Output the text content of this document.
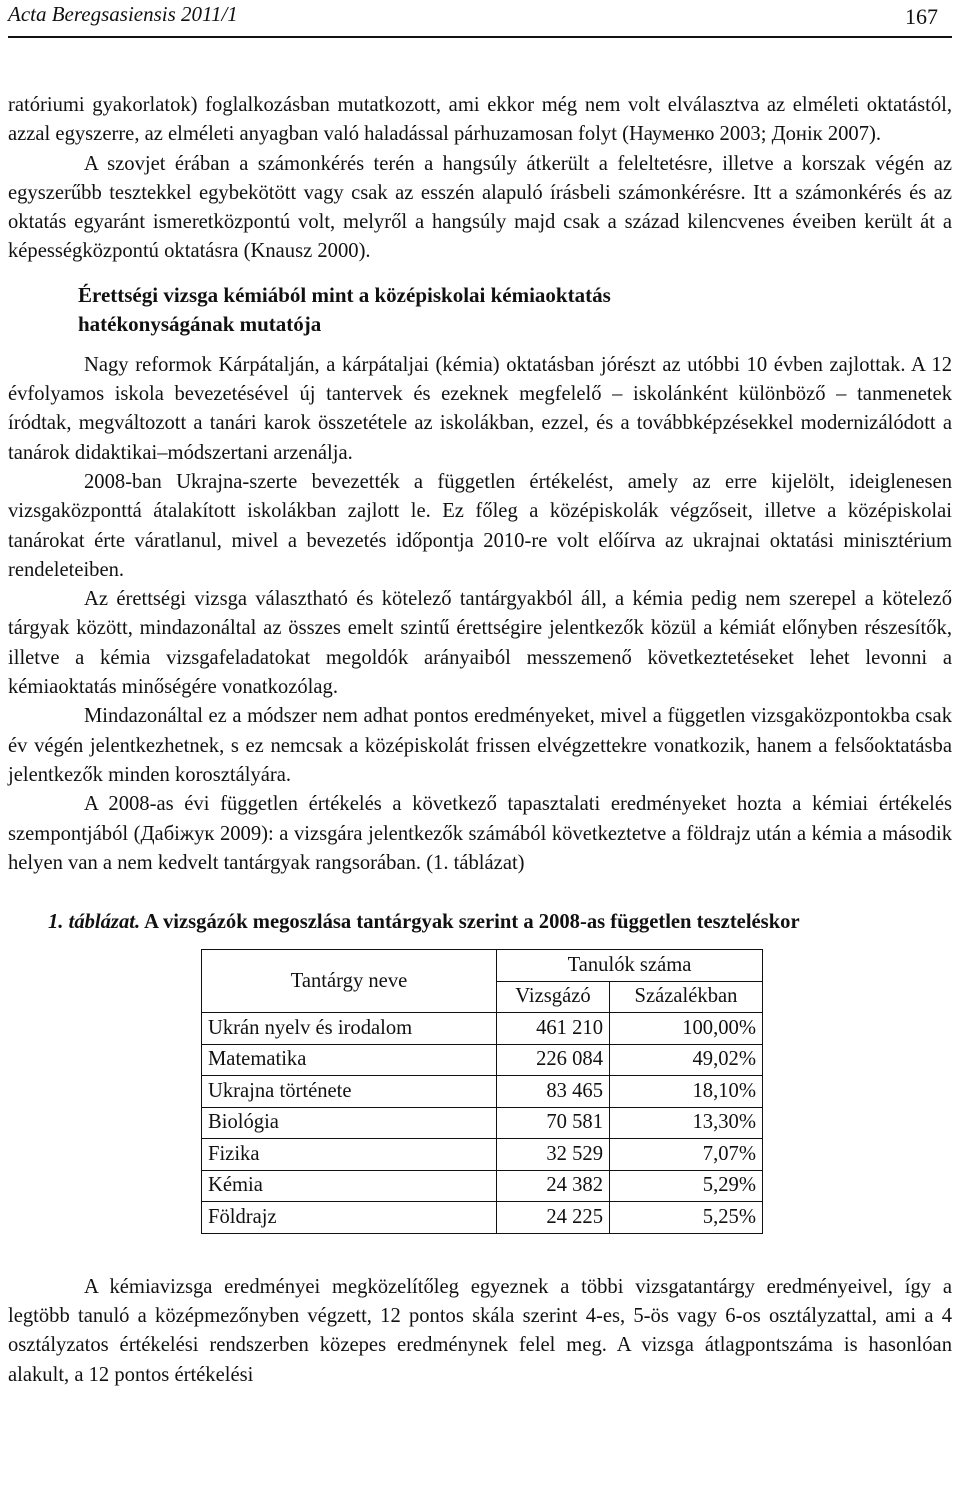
Acta Beregsasiensis 2011/1	167

ratóriumi gyakorlatok) foglalkozásban mutatkozott, ami ekkor még nem volt elválasztva az elméleti oktatástól, azzal egyszerre, az elméleti anyagban való haladással párhuzamosan folyt (Науменко 2003; Донік 2007).

A szovjet érában a számonkérés terén a hangsúly átkerült a feleltetésre, illetve a korszak végén az egyszerűbb tesztekkel egybekötött vagy csak az esszén alapuló írásbeli számonkérésre. Itt a számonkérés és az oktatás egyaránt ismeretközpontú volt, melyről a hangsúly majd csak a század kilencvenes éveiben került át a képességközpontú oktatásra (Knausz 2000).

Érettségi vizsga kémiából mint a középiskolai kémiaoktatás
hatékonyságának mutatója

Nagy reformok Kárpátalján, a kárpátaljai (kémia) oktatásban jórészt az utóbbi 10 évben zajlottak. A 12 évfolyamos iskola bevezetésével új tantervek és ezeknek megfelelő – iskolánként különböző – tanmenetek íródtak, megváltozott a tanári karok összetétele az iskolákban, ezzel, és a továbbképzésekkel modernizálódott a tanárok didaktikai–módszertani arzenálja.

2008-ban Ukrajna-szerte bevezették a független értékelést, amely az erre kijelölt, ideiglenesen vizsgaközponttá átalakított iskolákban zajlott le. Ez főleg a középiskolák végzőseit, illetve a középiskolai tanárokat érte váratlanul, mivel a bevezetés időpontja 2010-re volt előírva az ukrajnai oktatási minisztérium rendeleteiben.

Az érettségi vizsga választható és kötelező tantárgyakból áll, a kémia pedig nem szerepel a kötelező tárgyak között, mindazonáltal az összes emelt szintű érettségire jelentkezők közül a kémiát előnyben részesítők, illetve a kémia vizsgafeladatokat megoldók arányaiból messzemenő következtetéseket lehet levonni a kémiaoktatás minőségére vonatkozólag.

Mindazonáltal ez a módszer nem adhat pontos eredményeket, mivel a független vizsgaközpontokba csak év végén jelentkezhetnek, s ez nemcsak a középiskolát frissen elvégzettekre vonatkozik, hanem a felsőoktatásba jelentkezők minden korosztályára.

A 2008-as évi független értékelés a következő tapasztalati eredményeket hozta a kémiai értékelés szempontjából (Дабіжук 2009): a vizsgára jelentkezők számából következtetve a földrajz után a kémia a második helyen van a nem kedvelt tantárgyak rangsorában. (1. táblázat)

1. táblázat. A vizsgázók megoszlása tantárgyak szerint a 2008-as független teszteléskor
Tantárgy neve	Tanulók száma	
	Vizsgázó	Százalékban
Ukrán nyelv és irodalom	461 210	100,00%
Matematika	226 084	49,02%
Ukrajna története	83 465	18,10%
Biológia	70 581	13,30%
Fizika	32 529	7,07%
Kémia	24 382	5,29%
Földrajz	24 225	5,25%

A kémiavizsga eredményei megközelítőleg egyeznek a többi vizsgatantárgy eredményeivel, így a legtöbb tanuló a középmezőnyben végzett, 12 pontos skála szerint 4-es, 5-ös vagy 6-os osztályzattal, ami a 4 osztályzatos értékelési rendszerben közepes eredménynek felel meg. A vizsga átlagpontszáma is hasonlóan alakult, a 12 pontos értékelési
